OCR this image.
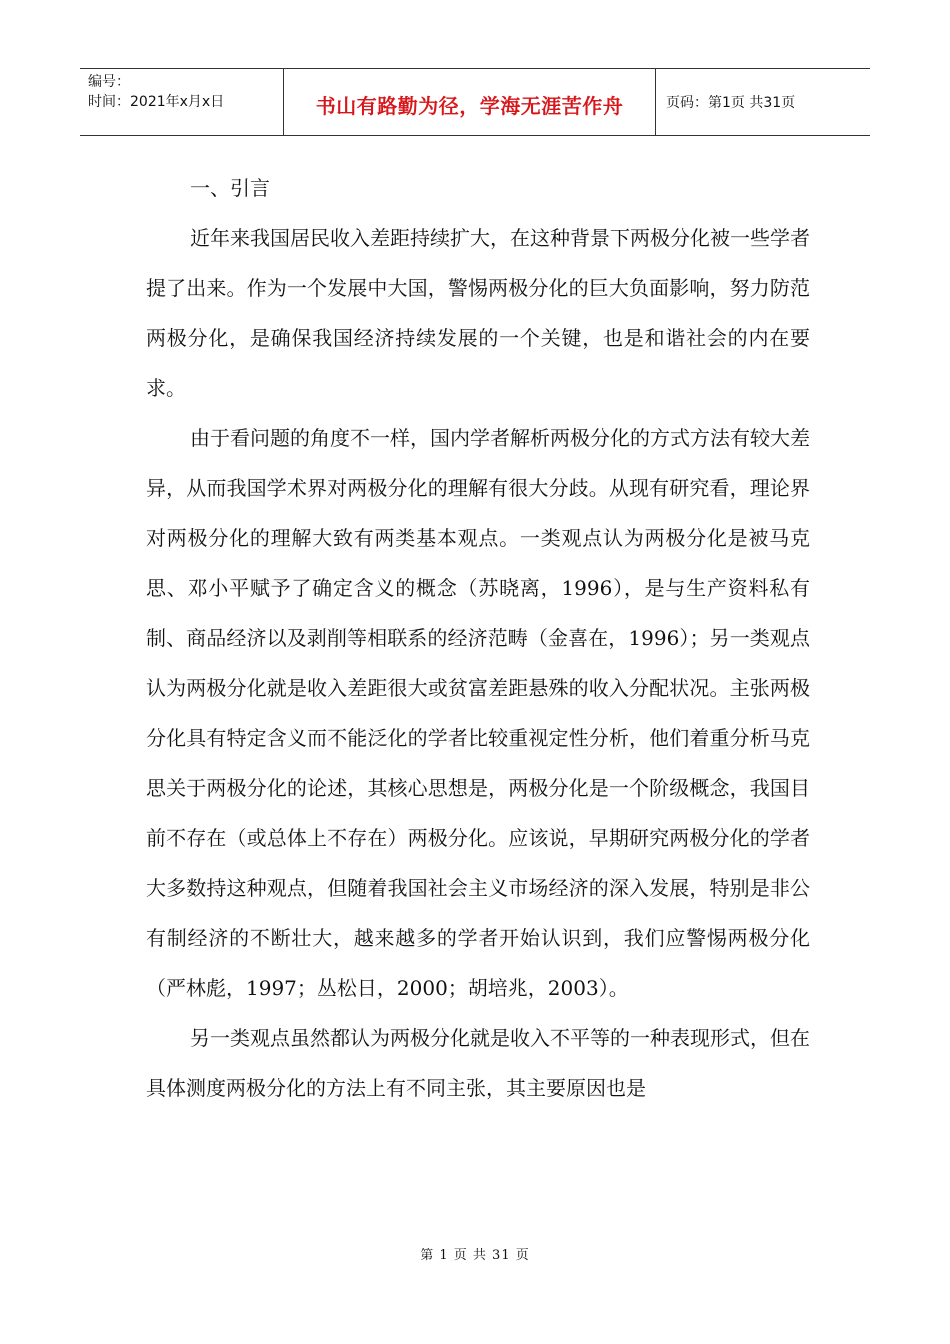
编号：
时间：2021年x月x日	书山有路勤为径，学海无涯苦作舟	页码：第1页 共31页
一、引言

近年来我国居民收入差距持续扩大，在这种背景下两极分化被一些学者提了出来。作为一个发展中大国，警惕两极分化的巨大负面影响，努力防范两极分化，是确保我国经济持续发展的一个关键，也是和谐社会的内在要求。

由于看问题的角度不一样，国内学者解析两极分化的方式方法有较大差异，从而我国学术界对两极分化的理解有很大分歧。从现有研究看，理论界对两极分化的理解大致有两类基本观点。一类观点认为两极分化是被马克思、邓小平赋予了确定含义的概念（苏晓离，1996），是与生产资料私有制、商品经济以及剥削等相联系的经济范畴（金喜在，1996）；另一类观点认为两极分化就是收入差距很大或贫富差距悬殊的收入分配状况。主张两极分化具有特定含义而不能泛化的学者比较重视定性分析，他们着重分析马克思关于两极分化的论述，其核心思想是，两极分化是一个阶级概念，我国目前不存在（或总体上不存在）两极分化。应该说，早期研究两极分化的学者大多数持这种观点，但随着我国社会主义市场经济的深入发展，特别是非公有制经济的不断壮大，越来越多的学者开始认识到，我们应警惕两极分化（严林彪，1997；丛松日，2000；胡培兆，2003）。

另一类观点虽然都认为两极分化就是收入不平等的一种表现形式，但在具体测度两极分化的方法上有不同主张，其主要原因也是

第 1 页 共 31 页
